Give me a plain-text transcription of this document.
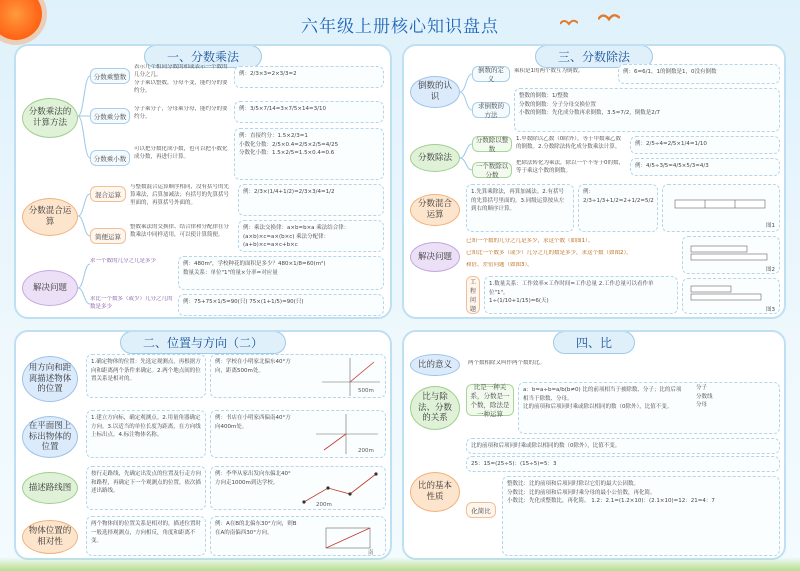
六年级上册核心知识盘点
一、分数乘法
分数乘法的计算方法
分数乘整数
表示几个相同分数的和或表示一个数的几分之几。
分子乘以整数，分母不变，能约分的要约分。
例：2/3×3=2×3/3=2
分数乘分数
分子乘分子，分母乘分母，能约分的要约分。
例：3/5×7/14=3×7/5×14=3/10
分数乘小数
可以把分数化成小数，也可以把小数化成分数，再进行计算。
例：直接约分：1.5×2/3=1
小数化分数：2/5×0.4=2/5×2/5=4/25
分数化小数：1.5×2/5=1.5×0.4=0.6
分数混合运算
混合运算
与整数混合运算顺序相同，没有括号的先算乘法，后算加减法；有括号的先算括号里面的，再算括号外面的。
例：2/3×(1/4+1/2)=2/3×3/4=1/2
简便运算
整数乘法的交换律、结合律和分配律在分数乘法中同样适用，可以使计算简便。
例：乘法交换律：a×b=b×a 乘法结合律：(a×b)×c=a×(b×c) 乘法分配律：(a+b)×c=a×c+b×c
解决问题
求一个数的几分之几是多少	例：480m²，学校种花的面积是多少？480×1/8=60(m²)
数量关系：单位"1"的量×分率=对应量
求比一个数多（或少）几分之几的数是多少
例：75+75×1/5=90(只) 75×(1+1/5)=90(只)
二、位置与方向（二）
用方向和距离描述物体的位置
1.确定物体的位置：先选定观测点，再根据方向和距离两个条件来确定。2.两个地点间的位置关系是相对的。
例：学校在小明家北偏东40°方向，距离500m处。
500m
在平面图上标出物体的位置
1.建立方向标，确定观测点。2.用量角器确定方向。3.以适当的单位长度为距离，在方向线上标出点。4.标注物体名称。
例：书店在小明家西偏南40°方向400m处。
200m
描述路线图
按行走路线，先确定出发点的位置及行走方向和路程，再确定下一个观测点的位置，依次描述出路线。
例：李华从家出发向东偏北40°方向走1000m到达学校。
200m
物体位置的相对性
两个物体间的位置关系是相对的，描述位置时一般选择观测点，方向相反，角度和距离不变。
例：A在B的北偏东30°方向，则B在A的南偏西30°方向。
南
三、分数除法
倒数的认识
倒数的定义
乘积是1的两个数互为倒数。	例：6=6/1，1的倒数是1，0没有倒数
求倒数的方法
整数的倒数：1/整数
分数的倒数：分子分母交换位置
小数的倒数：先化成分数再求倒数，3.5=7/2，倒数是2/7
分数除法
分数除以整数
1.甲数除以乙数（0除外），等于甲数乘乙数的倒数。2.分数除法转化成分数乘法计算。	例：2/5÷4=2/5×1/4=1/10
一个数除以分数
把除法转化为乘法，除以一个不等于0的数，等于乘这个数的倒数。
例：4/5÷3/5=4/5×5/3=4/3
分数混合运算
1.先算乘除法，再算加减法。2.有括号的先算括号里面的。3.同级运算按从左到右的顺序计算。
例：2/3÷1/3+1/2=2+1/2=5/2
图1
解决问题
已知一个数的几分之几是多少，求这个数（如图1）。
已知比一个数多（或少）几分之几的数是多少，求这个数（如图2）。
和倍、差倍问题（如图3）。
工程问题
1.数量关系：工作效率×工作时间=工作总量 2.工作总量可以看作单位"1"。
1÷(1/10+1/15)=6(天)
图2
图3
四、比
比的意义	两个数相除又叫作两个数的比。
比与除法、分数的关系
比是一种关系，分数是一个数，除法是一种运算
a：b=a÷b=a/b(b≠0) 比的前项相当于被除数、分子；比的后项相当于除数、分母。
比的前项和后项同时乘或除以相同的数（0除外），比值不变。
分子
分数线
分母
比的基本性质
比的前项和后项同时乘或除以相同的数（0除外），比值不变。
25：15=(25÷5)：(15÷5)=5：3
化简比
整数比：比的前项和后项同时除以它们的最大公因数。
分数比：比的前项和后项同时乘分母的最小公倍数，再化简。
小数比：先化成整数比，再化简。 1.2：2.1=(1.2×10)：(2.1×10)=12：21=4：7
